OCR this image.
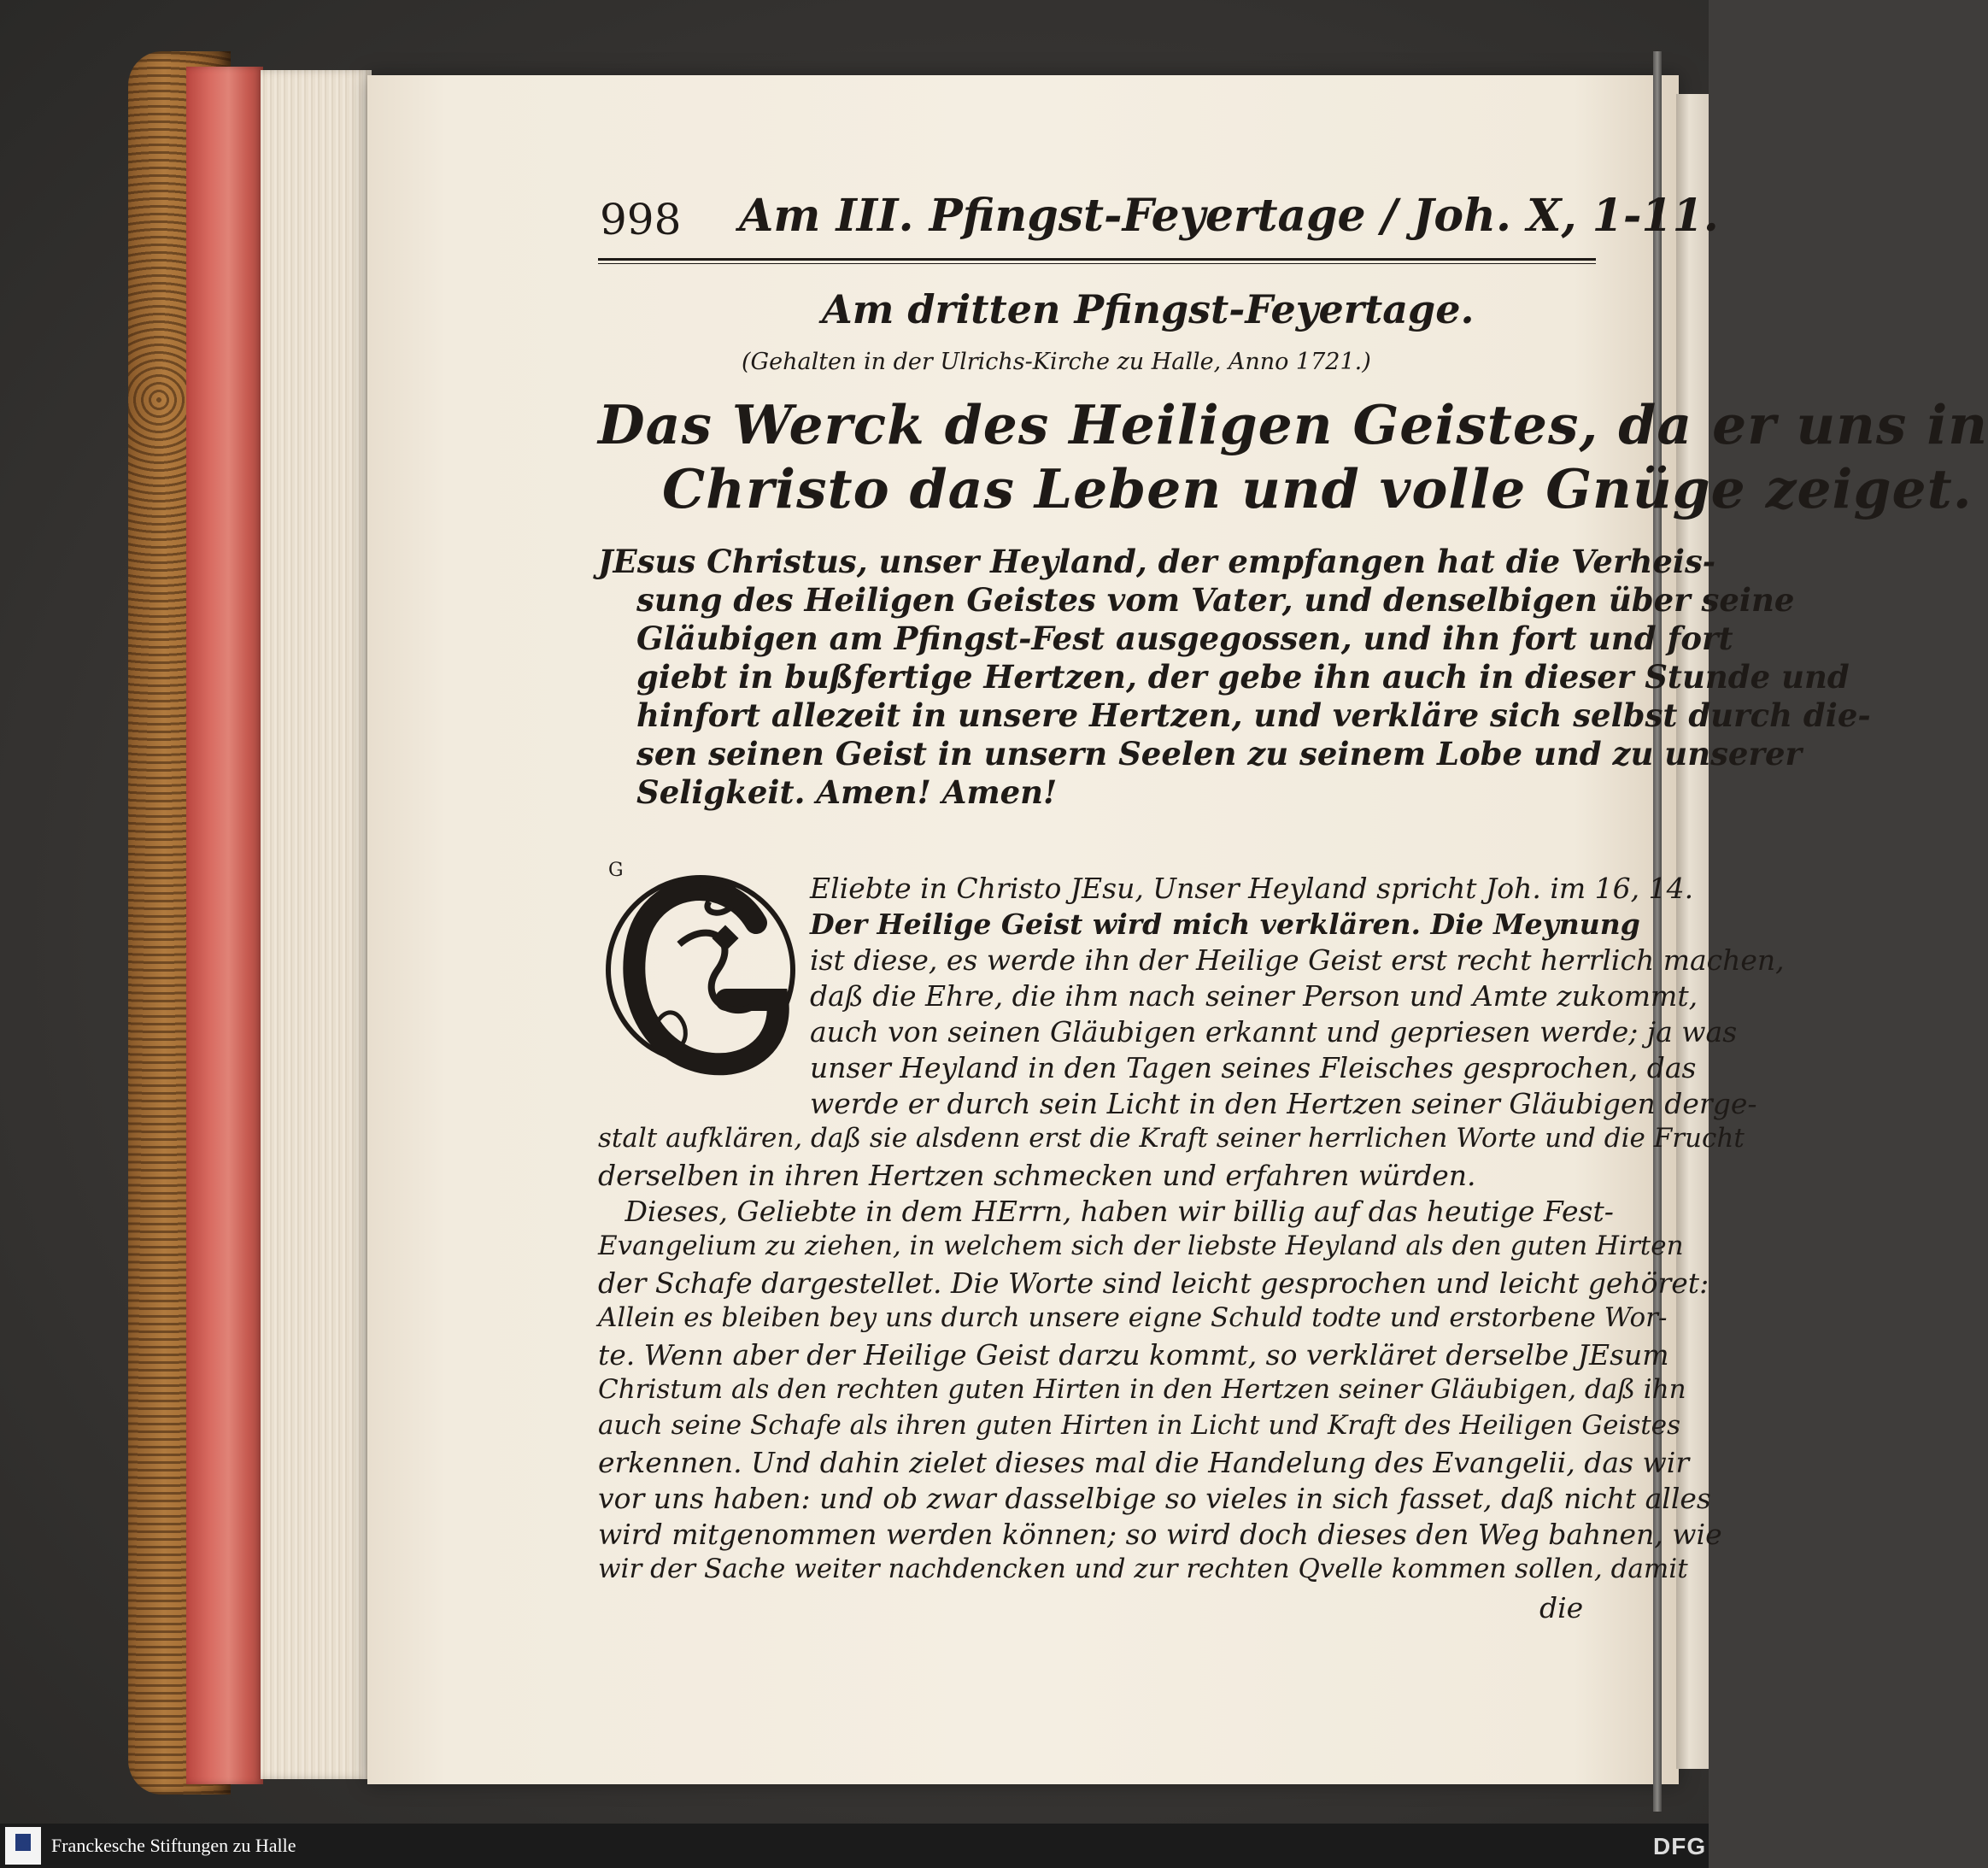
998 Am III. Pfingst-Feyertage / Joh. X, 1-11.
Am dritten Pfingst-Feyertage.
(Gehalten in der Ulrichs-Kirche zu Halle, Anno 1721.)
Das Werck des Heiligen Geistes, da er uns in
Christo das Leben und volle Gnüge zeiget.
JEsus Christus, unser Heyland, der empfangen hat die Verheis-
sung des Heiligen Geistes vom Vater, und denselbigen über seine
Gläubigen am Pfingst-Fest ausgegossen, und ihn fort und fort
giebt in bußfertige Hertzen, der gebe ihn auch in dieser Stunde und
hinfort allezeit in unsere Hertzen, und verkläre sich selbst durch die-
sen seinen Geist in unsern Seelen zu seinem Lobe und zu unserer
Seligkeit. Amen! Amen!
G
Eliebte in Christo JEsu, Unser Heyland spricht Joh. im 16, 14.
Der Heilige Geist wird mich verklären. Die Meynung
ist diese, es werde ihn der Heilige Geist erst recht herrlich machen,
daß die Ehre, die ihm nach seiner Person und Amte zukommt,
auch von seinen Gläubigen erkannt und gepriesen werde; ja was
unser Heyland in den Tagen seines Fleisches gesprochen, das
werde er durch sein Licht in den Hertzen seiner Gläubigen derge-
stalt aufklären, daß sie alsdenn erst die Kraft seiner herrlichen Worte und die Frucht
derselben in ihren Hertzen schmecken und erfahren würden.
Dieses, Geliebte in dem HErrn, haben wir billig auf das heutige Fest-
Evangelium zu ziehen, in welchem sich der liebste Heyland als den guten Hirten
der Schafe dargestellet. Die Worte sind leicht gesprochen und leicht gehöret:
Allein es bleiben bey uns durch unsere eigne Schuld todte und erstorbene Wor-
te. Wenn aber der Heilige Geist darzu kommt, so verkläret derselbe JEsum
Christum als den rechten guten Hirten in den Hertzen seiner Gläubigen, daß ihn
auch seine Schafe als ihren guten Hirten in Licht und Kraft des Heiligen Geistes
erkennen. Und dahin zielet dieses mal die Handelung des Evangelii, das wir
vor uns haben: und ob zwar dasselbige so vieles in sich fasset, daß nicht alles
wird mitgenommen werden können; so wird doch dieses den Weg bahnen, wie
wir der Sache weiter nachdencken und zur rechten Qvelle kommen sollen, damit
die
Franckesche Stiftungen zu Halle	DFG
